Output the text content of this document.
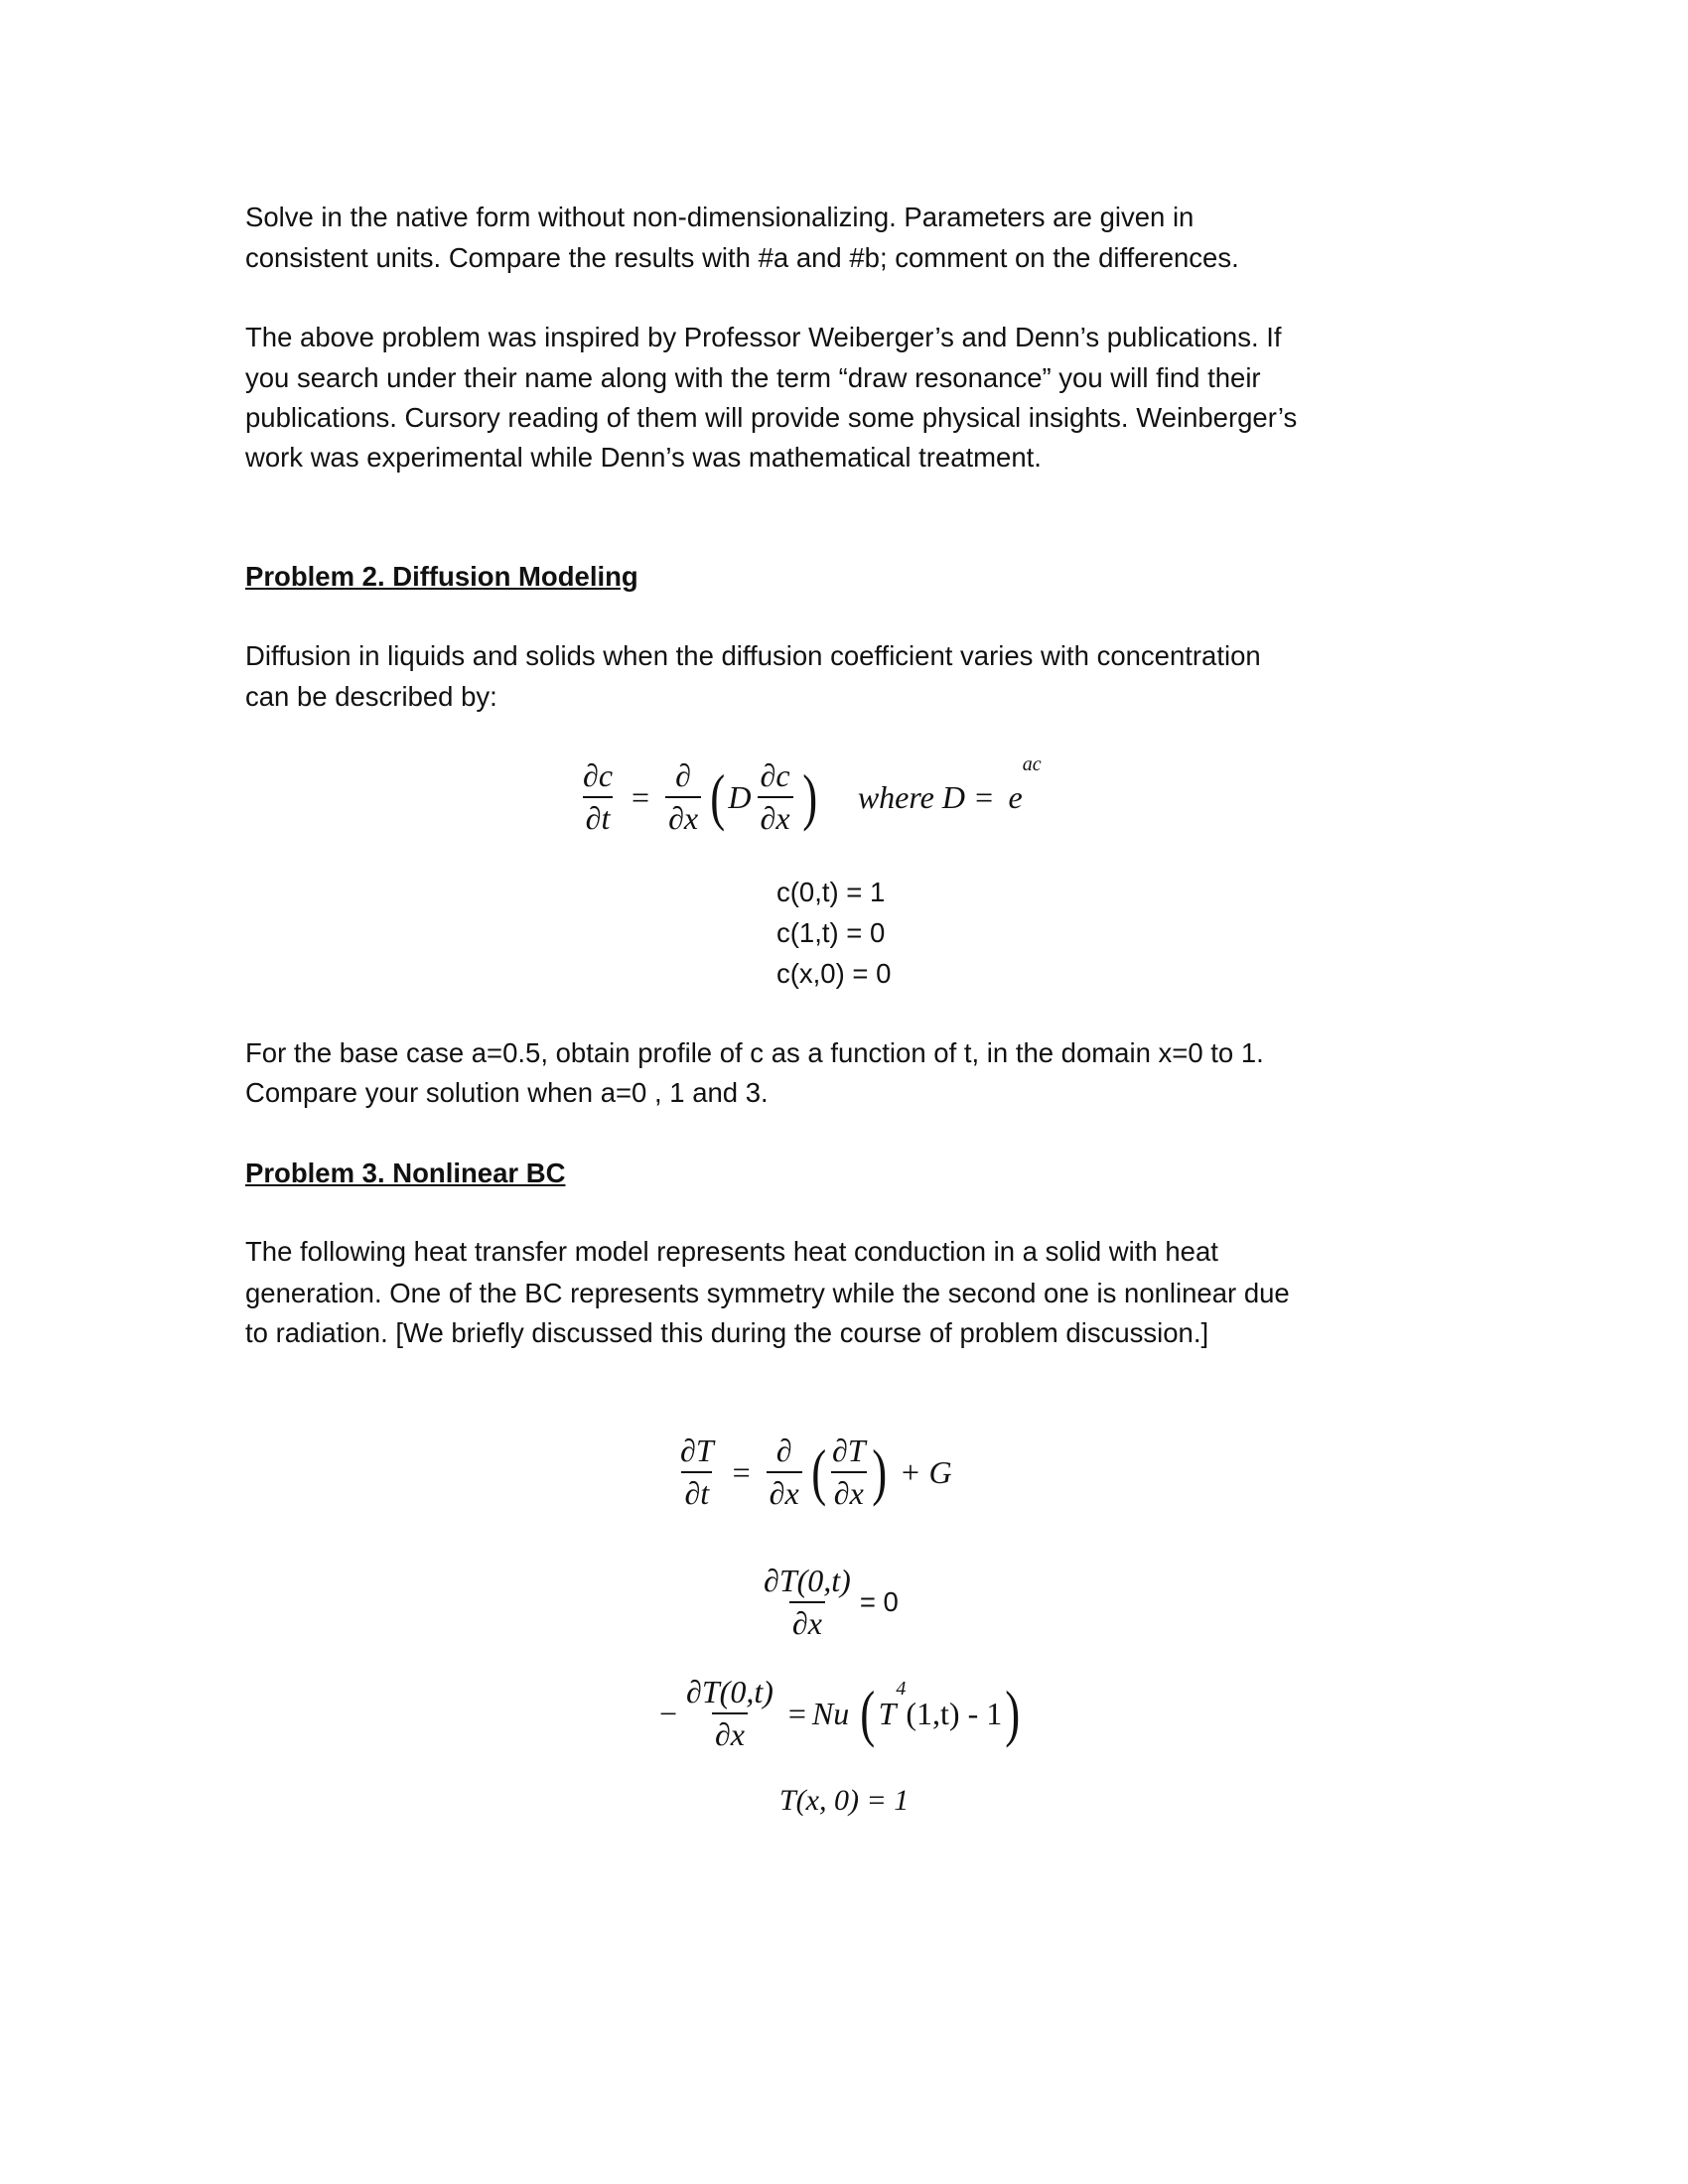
Solve in the native form without non-dimensionalizing. Parameters are given in
consistent units. Compare the results with #a and #b; comment on the differences.
The above problem was inspired by Professor Weiberger’s and Denn’s publications. If
you search under their name along with the term “draw resonance” you will find their
publications. Cursory reading of them will provide some physical insights. Weinberger’s
work was experimental while Denn’s was mathematical treatment.
Problem 2. Diffusion Modeling
Diffusion in liquids and solids when the diffusion coefficient varies with concentration
can be described by:
$\frac{\partial c}{\partial t} = \frac{\partial}{\partial x}$ ( D $\frac{\partial c}{\partial x}$ ) where D = e
ac
c(0,t) = 1
c(1,t) = 0
c(x,0) = 0
For the base case a=0.5, obtain profile of c as a function of t, in the domain x=0 to 1.
Compare your solution when a=0 , 1 and 3.
Problem 3. Nonlinear BC
The following heat transfer model represents heat conduction in a solid with heat
generation. One of the BC represents symmetry while the second one is nonlinear due
to radiation. [We briefly discussed this during the course of problem discussion.]
$\frac{\partial T}{\partial t} = \frac{\partial}{\partial x}$ ( $\frac{\partial T}{\partial x}$ ) + G
$\frac{\partial T(0,t)}{\partial x} = 0$
− $\frac{\partial T(0,t)}{\partial x} = Nu$ ( T
$^4$
(1,t) - 1 )
T(x, 0) = 1
